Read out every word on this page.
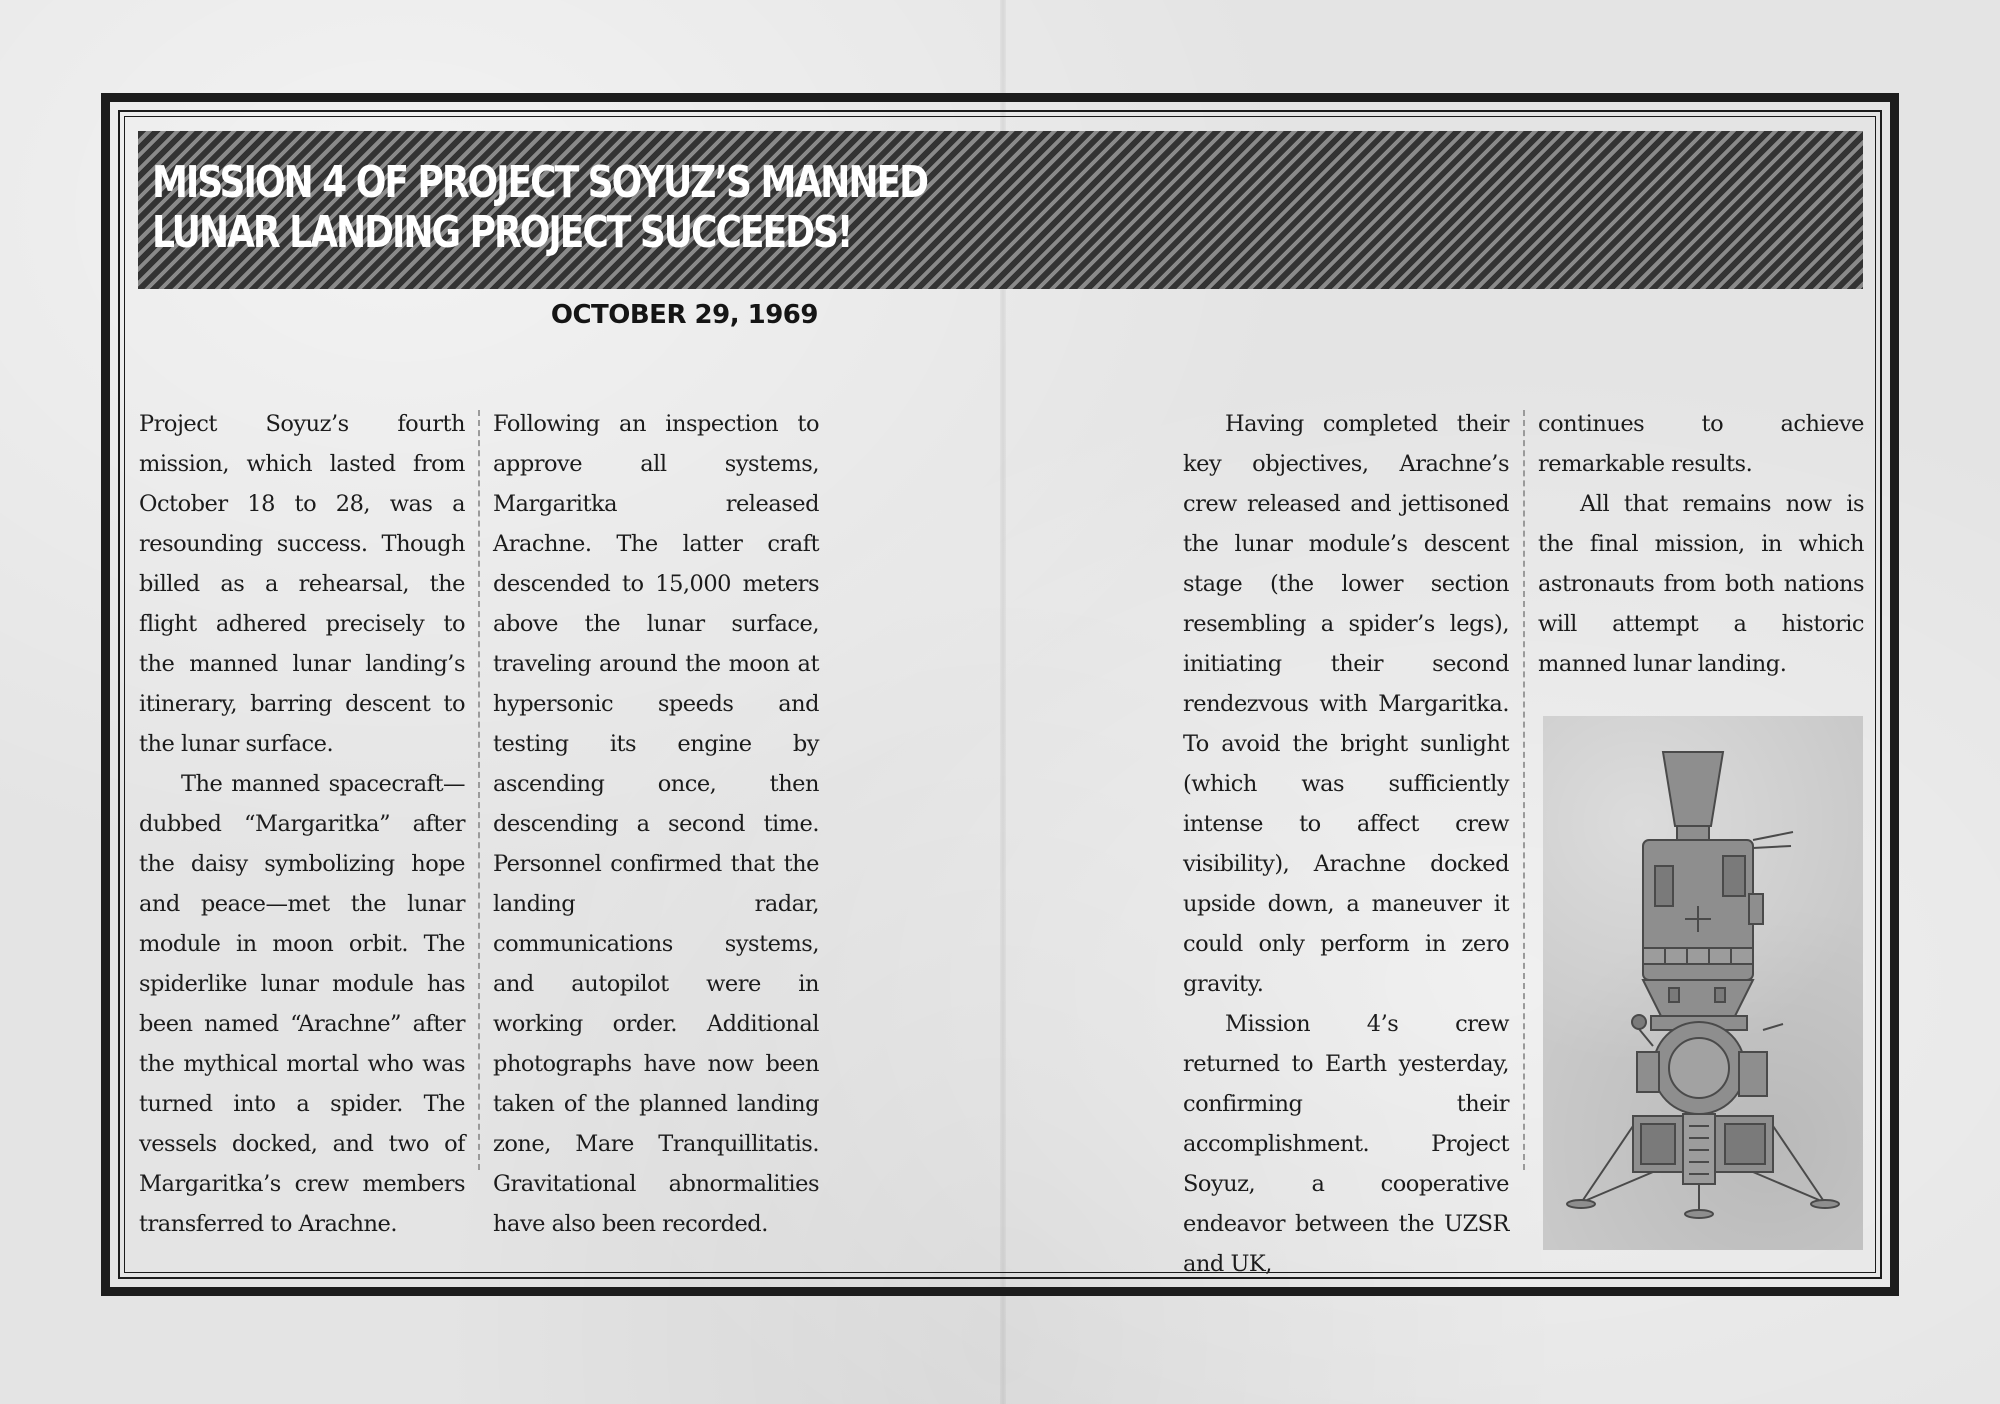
MISSION 4 OF PROJECT SOYUZ’S MANNED
LUNAR LANDING PROJECT SUCCEEDS!
OCTOBER 29, 1969

Project Soyuz’s fourth mission, which lasted from October 18 to 28, was a resounding success. Though billed as a rehearsal, the flight adhered precisely to the manned lunar landing’s itinerary, barring descent to the lunar surface.

The manned spacecraft—dubbed “Margaritka” after the daisy symbolizing hope and peace—met the lunar module in moon orbit. The spiderlike lunar module has been named “Arachne” after the mythical mortal who was turned into a spider. The vessels docked, and two of Margaritka’s crew members transferred to Arachne.

Following an inspection to approve all systems, Margaritka released Arachne. The latter craft descended to 15,000 meters above the lunar surface, traveling around the moon at hypersonic speeds and testing its engine by ascending once, then descending a second time. Personnel confirmed that the landing radar, communications systems, and autopilot were in working order. Additional photographs have now been taken of the planned landing zone, Mare Tranquillitatis. Gravitational abnormalities have also been recorded.

Having completed their key objectives, Arachne’s crew released and jettisoned the lunar module’s descent stage (the lower section resembling a spider’s legs), initiating their second rendezvous with Margaritka. To avoid the bright sunlight (which was sufficiently intense to affect crew visibility), Arachne docked upside down, a maneuver it could only perform in zero gravity.

Mission 4’s crew returned to Earth yesterday, confirming their accomplishment. Project Soyuz, a cooperative endeavor between the UZSR and UK,

continues to achieve remarkable results.

All that remains now is the final mission, in which astronauts from both nations will attempt a historic manned lunar landing.
